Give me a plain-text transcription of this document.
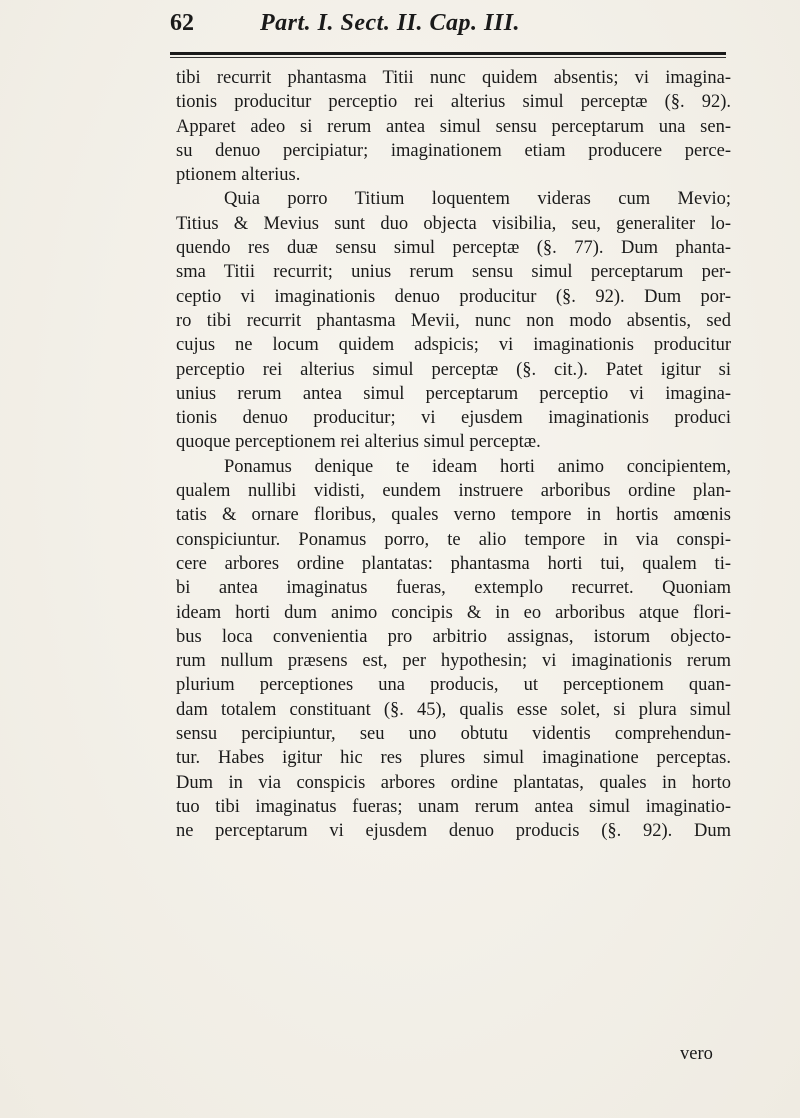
62	Part. I. Sect. II. Cap. III.
tibi recurrit phantasma Titii nunc quidem absentis; vi imagina-
tionis producitur perceptio rei alterius simul perceptæ (§. 92).
Apparet adeo si rerum antea simul sensu perceptarum una sen-
su denuo percipiatur; imaginationem etiam producere perce-
ptionem alterius.
Quia porro Titium loquentem videras cum Mevio;
Titius & Mevius sunt duo objecta visibilia, seu, generaliter lo-
quendo res duæ sensu simul perceptæ (§. 77). Dum phanta-
sma Titii recurrit; unius rerum sensu simul perceptarum per-
ceptio vi imaginationis denuo producitur (§. 92). Dum por-
ro tibi recurrit phantasma Mevii, nunc non modo absentis, sed
cujus ne locum quidem adspicis; vi imaginationis producitur
perceptio rei alterius simul perceptæ (§. cit.). Patet igitur si
unius rerum antea simul perceptarum perceptio vi imagina-
tionis denuo producitur; vi ejusdem imaginationis produci
quoque perceptionem rei alterius simul perceptæ.
Ponamus denique te ideam horti animo concipientem,
qualem nullibi vidisti, eundem instruere arboribus ordine plan-
tatis & ornare floribus, quales verno tempore in hortis amœnis
conspiciuntur. Ponamus porro, te alio tempore in via conspi-
cere arbores ordine plantatas: phantasma horti tui, qualem ti-
bi antea imaginatus fueras, extemplo recurret. Quoniam
ideam horti dum animo concipis & in eo arboribus atque flori-
bus loca convenientia pro arbitrio assignas, istorum objecto-
rum nullum præsens est, per hypothesin; vi imaginationis rerum
plurium perceptiones una producis, ut perceptionem quan-
dam totalem constituant (§. 45), qualis esse solet, si plura simul
sensu percipiuntur, seu uno obtutu videntis comprehendun-
tur. Habes igitur hic res plures simul imaginatione perceptas.
Dum in via conspicis arbores ordine plantatas, quales in horto
tuo tibi imaginatus fueras; unam rerum antea simul imaginatio-
ne perceptarum vi ejusdem denuo producis (§. 92). Dum
vero
